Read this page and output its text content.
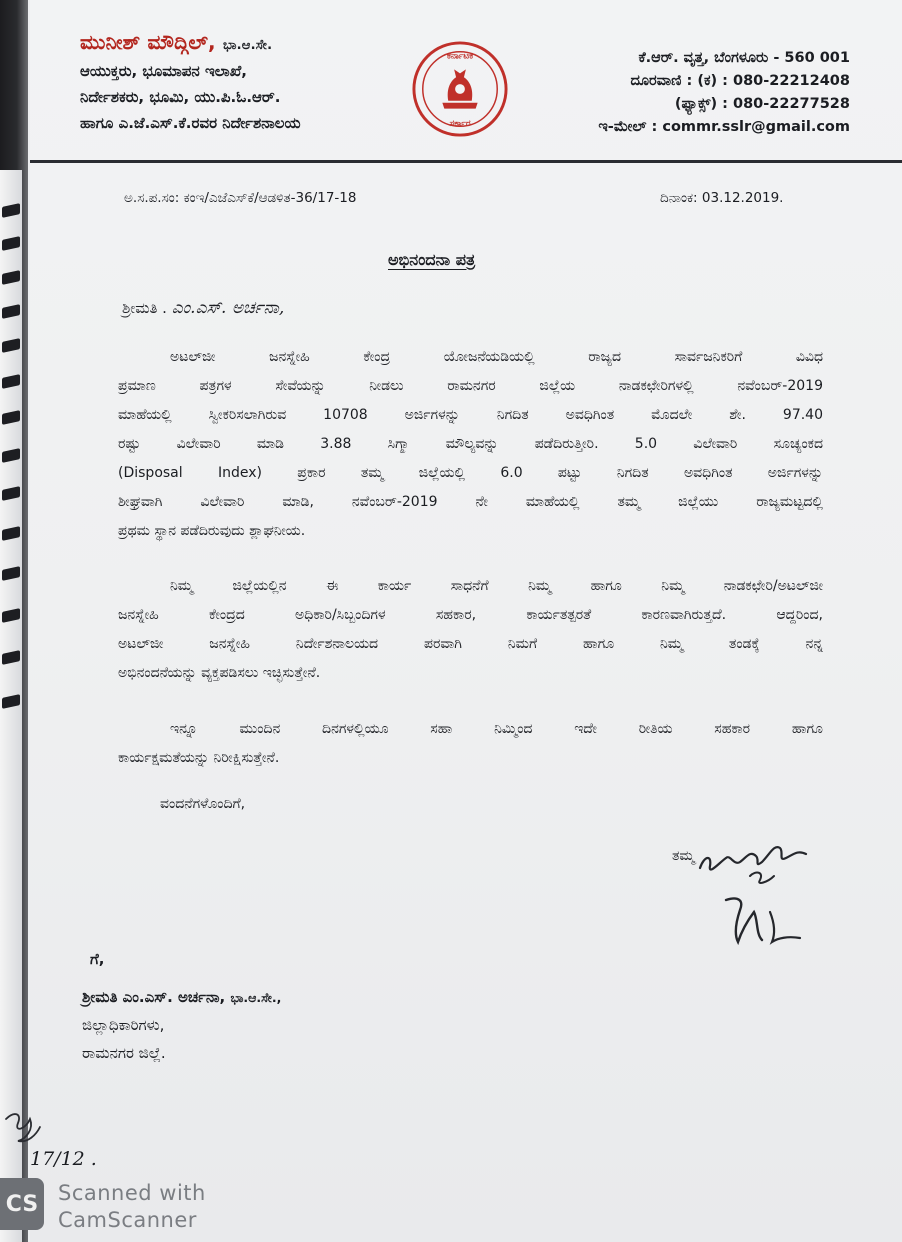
ಮುನೀಶ್ ಮೌದ್ಗಿಲ್, ಭಾ.ಆ.ಸೇ.
ಆಯುಕ್ತರು, ಭೂಮಾಪನ ಇಲಾಖೆ,
ನಿರ್ದೇಶಕರು, ಭೂಮಿ, ಯು.ಪಿ.ಓ.ಆರ್.
ಹಾಗೂ ಎ.ಜೆ.ಎಸ್.ಕೆ.ರವರ ನಿರ್ದೇಶನಾಲಯ
ಕರ್ನಾಟಕ
ಸರ್ಕಾರ
ಕೆ.ಆರ್. ವೃತ್ತ, ಬೆಂಗಳೂರು - 560 001
ದೂರವಾಣಿ : (ಕ) : 080-22212408
(ಫ್ಯಾಕ್ಸ್) : 080-22277528
ಇ-ಮೇಲ್ : commr.sslr@gmail.com
ಅ.ಸ.ಪ.ಸಂ: ಕಂಇ/ಎಜೆಎಸ್‌ಕೆ/ಆಡಳಿತ-36/17-18	ದಿನಾಂಕ: 03.12.2019.
ಅಭಿನಂದನಾ ಪತ್ರ
ಶ್ರೀಮತಿ . ಎಂ.ಎಸ್. ಅರ್ಚನಾ,
ಅಟಲ್‌ಜೀ ಜನಸ್ನೇಹಿ ಕೇಂದ್ರ ಯೋಜನೆಯಡಿಯಲ್ಲಿ ರಾಜ್ಯದ ಸಾರ್ವಜನಿಕರಿಗೆ ವಿವಿಧ
ಪ್ರಮಾಣ ಪತ್ರಗಳ ಸೇವೆಯನ್ನು ನೀಡಲು ರಾಮನಗರ ಜಿಲ್ಲೆಯ ನಾಡಕಛೇರಿಗಳಲ್ಲಿ ನವೆಂಬರ್-2019
ಮಾಹೆಯಲ್ಲಿ ಸ್ವೀಕರಿಸಲಾಗಿರುವ 10708 ಅರ್ಜಿಗಳನ್ನು ನಿಗದಿತ ಅವಧಿಗಿಂತ ಮೊದಲೇ ಶೇ. 97.40
ರಷ್ಟು ವಿಲೇವಾರಿ ಮಾಡಿ 3.88 ಸಿಗ್ಮಾ ಮೌಲ್ಯವನ್ನು ಪಡೆದಿರುತ್ತೀರಿ. 5.0 ವಿಲೇವಾರಿ ಸೂಚ್ಯಂಕದ
(Disposal Index) ಪ್ರಕಾರ ತಮ್ಮ ಜಿಲ್ಲೆಯಲ್ಲಿ 6.0 ಪಟ್ಟು ನಿಗದಿತ ಅವಧಿಗಿಂತ ಅರ್ಜಿಗಳನ್ನು
ಶೀಘ್ರವಾಗಿ ವಿಲೇವಾರಿ ಮಾಡಿ, ನವೆಂಬರ್-2019 ನೇ ಮಾಹೆಯಲ್ಲಿ ತಮ್ಮ ಜಿಲ್ಲೆಯು ರಾಜ್ಯಮಟ್ಟದಲ್ಲಿ
ಪ್ರಥಮ ಸ್ಥಾನ ಪಡೆದಿರುವುದು ಶ್ಲಾಘನೀಯ.
ನಿಮ್ಮ ಜಿಲ್ಲೆಯಲ್ಲಿನ ಈ ಕಾರ್ಯ ಸಾಧನೆಗೆ ನಿಮ್ಮ ಹಾಗೂ ನಿಮ್ಮ ನಾಡಕಛೇರಿ/ಅಟಲ್‌ಜೀ
ಜನಸ್ನೇಹಿ ಕೇಂದ್ರದ ಅಧಿಕಾರಿ/ಸಿಬ್ಬಂದಿಗಳ ಸಹಕಾರ, ಕಾರ್ಯತತ್ಪರತೆ ಕಾರಣವಾಗಿರುತ್ತದೆ. ಆದ್ದರಿಂದ,
ಅಟಲ್‌ಜೀ ಜನಸ್ನೇಹಿ ನಿರ್ದೇಶನಾಲಯದ ಪರವಾಗಿ ನಿಮಗೆ ಹಾಗೂ ನಿಮ್ಮ ತಂಡಕ್ಕೆ ನನ್ನ
ಅಭಿನಂದನೆಯನ್ನು ವ್ಯಕ್ತಪಡಿಸಲು ಇಚ್ಛಿಸುತ್ತೇನೆ.
ಇನ್ನೂ ಮುಂದಿನ ದಿನಗಳಲ್ಲಿಯೂ ಸಹಾ ನಿಮ್ಮಿಂದ ಇದೇ ರೀತಿಯ ಸಹಕಾರ ಹಾಗೂ
ಕಾರ್ಯಕ್ಷಮತೆಯನ್ನು ನಿರೀಕ್ಷಿಸುತ್ತೇನೆ.
ವಂದನೆಗಳೊಂದಿಗೆ,
ತಮ್ಮ
ಗೆ,
ಶ್ರೀಮತಿ ಎಂ.ಎಸ್. ಅರ್ಚನಾ, ಭಾ.ಆ.ಸೇ.,
ಜಿಲ್ಲಾಧಿಕಾರಿಗಳು,
ರಾಮನಗರ ಜಿಲ್ಲೆ.
17/12 .
CS Scanned with
CamScanner
